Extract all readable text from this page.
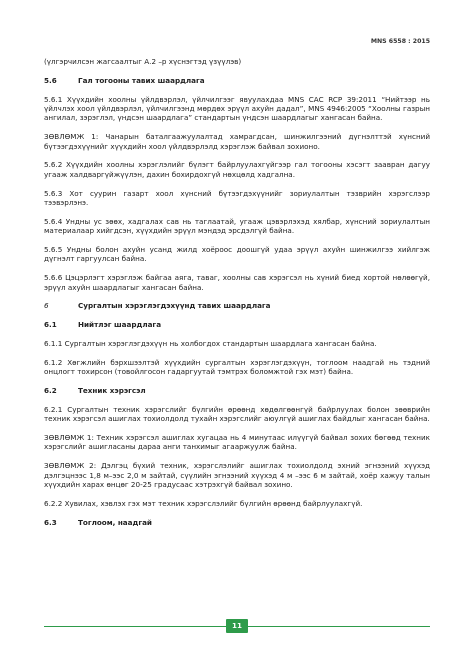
MNS 6558 : 2015

(үлгэрчилсэн жагсаалтыг А.2 –р хүснэгтэд үзүүлэв)

5.6	Гал тогооны тавих шаардлага

5.6.1 Хүүхдийн хоолны үйлдвэрлэл, үйлчилгээг явуулахдаа MNS CAC RCP 39:2011 “Нийтээр нь үйлчлэх хоол үйлдвэрлэл, үйлчилгээнд мөрдөх эрүүл ахуйн дадал”, MNS 4946:2005 “Хоолны газрын ангилал, зэрэглэл, үндсэн шаардлага” стандартын үндсэн шаардлагыг хангасан байна.

ЗӨВЛӨМЖ 1: Чанарын баталгаажуулалтад хамрагдсан, шинжилгээний дүгнэлттэй хүнсний бүтээгдэхүүнийг хүүхдийн хоол үйлдвэрлэлд хэрэглэж байвал зохионо.

5.6.2 Хүүхдийн хоолны хэрэглэлийг бүлэгт байрлуулахгүйгээр гал тогооны хэсэгт заавран дагуу угааж халдваргүйжүүлэн, дахин бохирдохгүй нөхцөлд хадгална.

5.6.3 Хот суурин газарт хоол хүнсний бүтээгдэхүүнийг зориулалтын тэзврийн хэрэгслээр тээвэрлэнэ.

5.6.4 Ундны ус зөөх, хадгалах сав нь таглаатай, угааж цэвэрлэхэд хялбар, хүнсний зориулалтын материалаар хийгдсэн, хүүхдийн эрүүл мэндэд эрсдэлгүй байна.

5.6.5 Ундны болон ахуйн усанд жилд хоёроос доошгүй удаа эрүүл ахуйн шинжилгээ хийлгэж дүгнэлт гаргуулсан байна.

5.6.6 Цэцэрлэгт хэрэглэж байгаа аяга, таваг, хоолны сав хэрэгсэл нь хүний биед хортой нөлөөгүй, эрүүл ахуйн шаардлагыг хангасан байна.

6	Сургалтын хэрэглэгдэхүүнд тавих шаардлага
6.1	Нийтлэг шаардлага

6.1.1 Сургалтын хэрэглэгдэхүүн нь холбогдох стандартын шаардлага хангасан байна.

6.1.2 Хөгжлийн бэрхшээлтэй хүүхдийн сургалтын хэрэглэгдэхүүн, тоглоом наадгай нь тэдний онцлогт тохирсон (товойлгосон гадаргуутай тэмтрэх боломжтой гэх мэт) байна.

6.2	Техник хэрэгсэл

6.2.1 Сургалтын техник хэрэгслийг бүлгийн өрөөнд хөдөлгөөнгүй байрлуулах болон зөөврийн техник хэрэгсэл ашиглах тохиолдолд тухайн хэрэгслийг аюулгүй ашиглах байдлыг хангасан байна.

ЗӨВЛӨМЖ 1: Техник хэрэгсэл ашиглах хугацаа нь 4 минутаас илүүгүй байвал зохих бөгөөд техник хэрэгслийг ашигласаны дараа анги танхимыг агааржуулж байна.

ЗӨВЛӨМЖ 2: Дэлгэц бүхий техник, хэрэгслэлийг ашиглах тохиолдолд эхний эгнээний хүүхэд дэлгэцнээс 1,8 м–ээс 2,0 м зайтай, сүүлийн эгнээний хүүхэд 4 м –ээс 6 м зайтай, хоёр хажуу талын хүүхдийн харах өнцөг 20-25 градусаас хэтрэхгүй байвал зохино.

6.2.2 Хувилах, хэвлэх гэх мэт техник хэрэгслэлийг бүлгийн өрөөнд байрлуулахгүй.

6.3	Тоглоом, наадгай
11
